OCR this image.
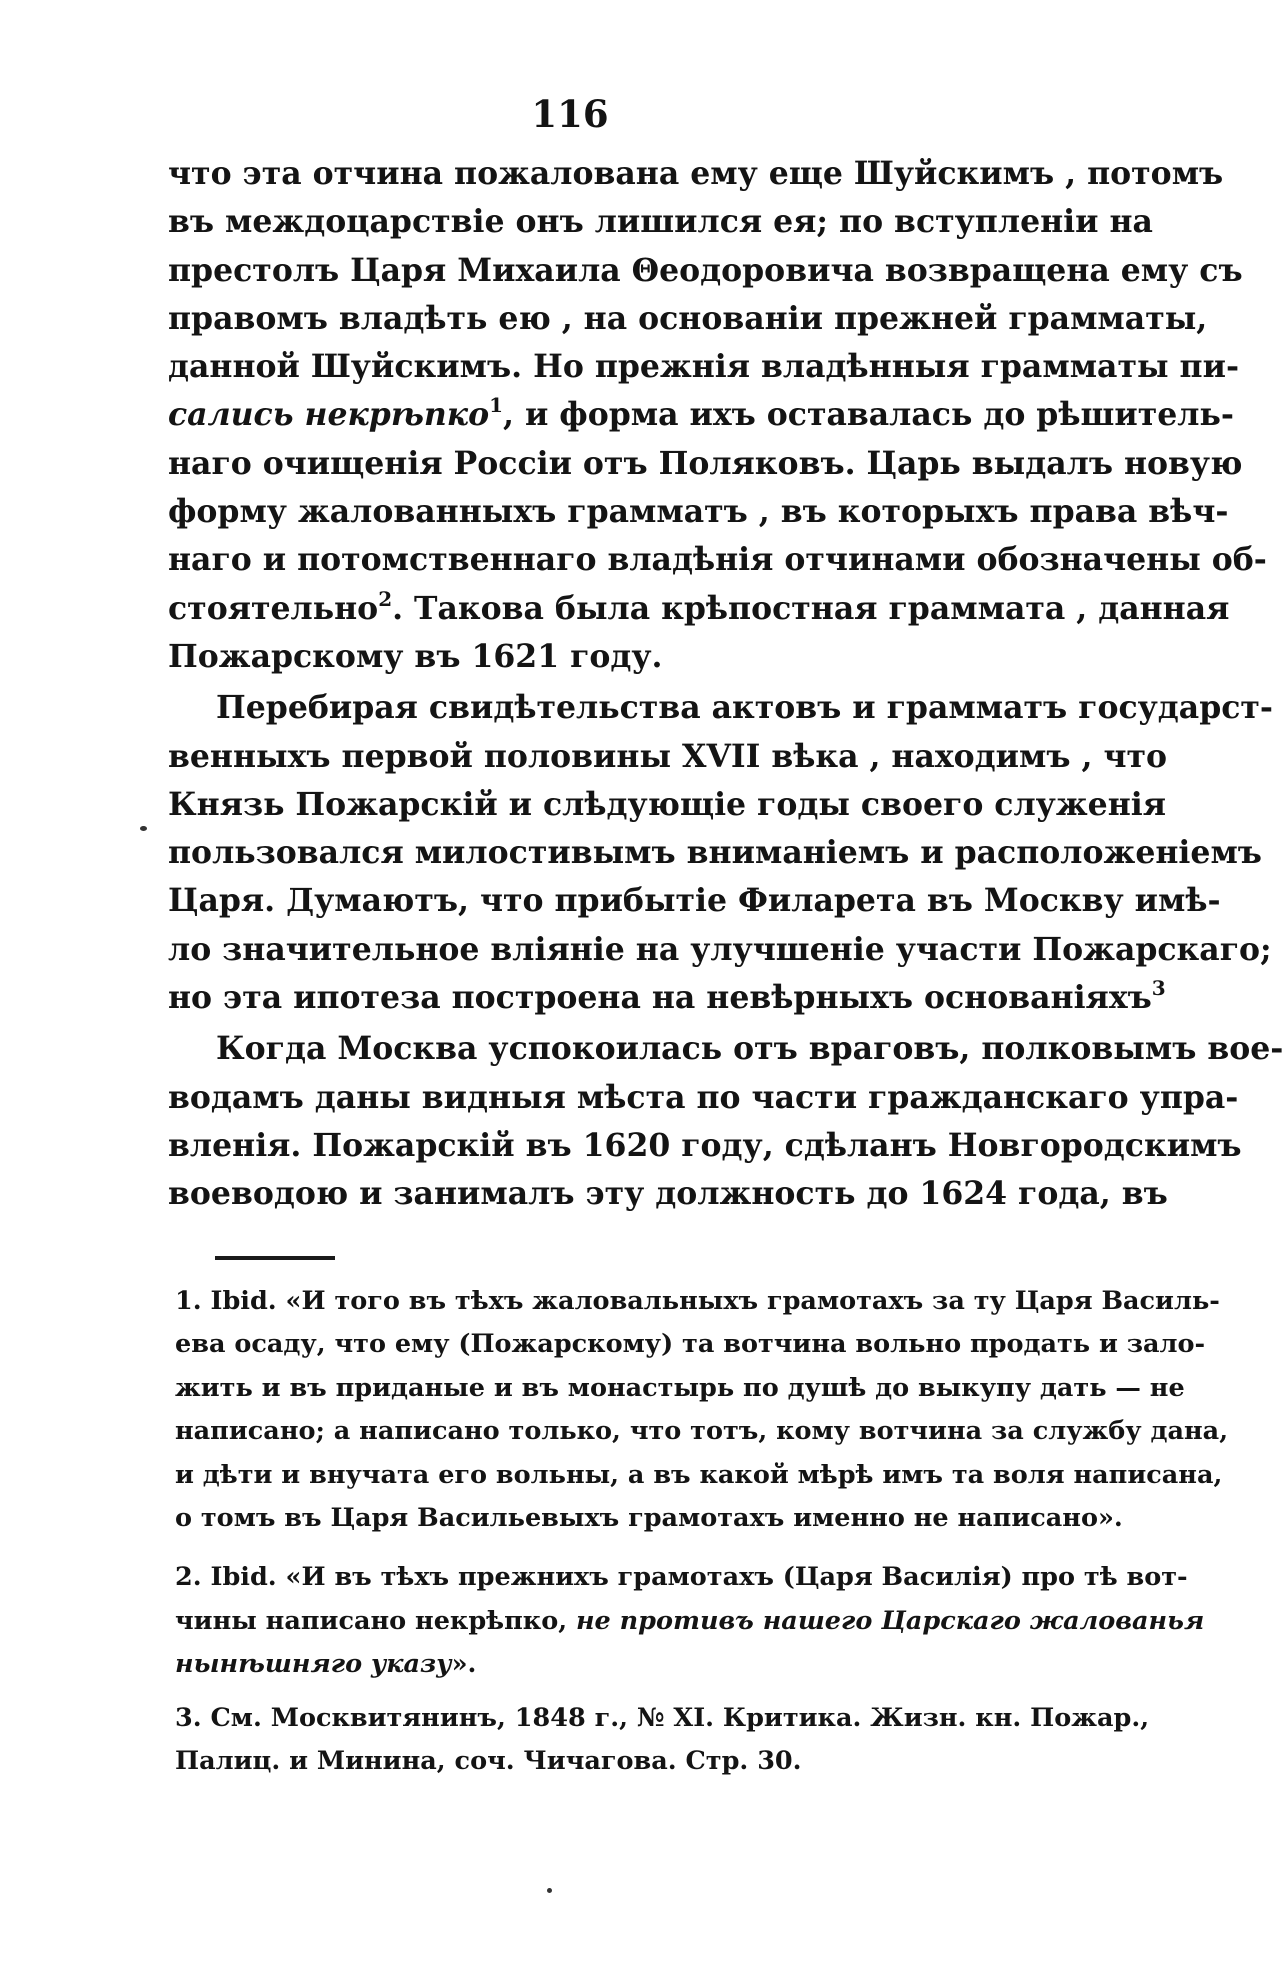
116
что эта отчина пожалована ему еще Шуйскимъ , потомъ
въ междоцарствіе онъ лишился ея; по вступленіи на
престолъ Царя Михаила Θеодоровича возвращена ему съ
правомъ владѣть ею , на основаніи прежней грамматы,
данной Шуйскимъ. Но прежнія владѣнныя грамматы пи-
сались некрѣпко$^1$, и форма ихъ оставалась до рѣшитель-
наго очищенія Россіи отъ Поляковъ. Царь выдалъ новую
форму жалованныхъ грамматъ , въ которыхъ права вѣч-
наго и потомственнаго владѣнія отчинами обозначены об-
стоятельно$^2$. Такова была крѣпостная граммата , данная
Пожарскому въ 1621 году.
Перебирая свидѣтельства актовъ и грамматъ государст-
венныхъ первой половины XVII вѣка , находимъ , что
Князь Пожарскій и слѣдующіе годы своего служенія
пользовался милостивымъ вниманіемъ и расположеніемъ
Царя. Думаютъ, что прибытіе Филарета въ Москву имѣ-
ло значительное вліяніе на улучшеніе участи Пожарскаго;
но эта ипотеза построена на невѣрныхъ основаніяхъ$^3$
Когда Москва успокоилась отъ враговъ, полковымъ вое-
водамъ даны видныя мѣста по части гражданскаго упра-
вленія. Пожарскій въ 1620 году, сдѣланъ Новгородскимъ
воеводою и занималъ эту должность до 1624 года, въ
1. Ibid. «И того въ тѣхъ жаловальныхъ грамотахъ за ту Царя Василь-
ева осаду, что ему (Пожарскому) та вотчина вольно продать и зало-
жить и въ приданые и въ монастырь по душѣ до выкупу дать — не
написано; а написано только, что тотъ, кому вотчина за службу дана,
и дѣти и внучата его вольны, а въ какой мѣрѣ имъ та воля написана,
о томъ въ Царя Васильевыхъ грамотахъ именно не написано».
2. Ibid. «И въ тѣхъ прежнихъ грамотахъ (Царя Василія) про тѣ вот-
чины написано некрѣпко, не противъ нашего Царскаго жалованья
нынѣшняго указу».
3. См. Москвитянинъ, 1848 г., № XI. Критика. Жизн. кн. Пожар.,
Палиц. и Минина, соч. Чичагова. Стр. 30.
